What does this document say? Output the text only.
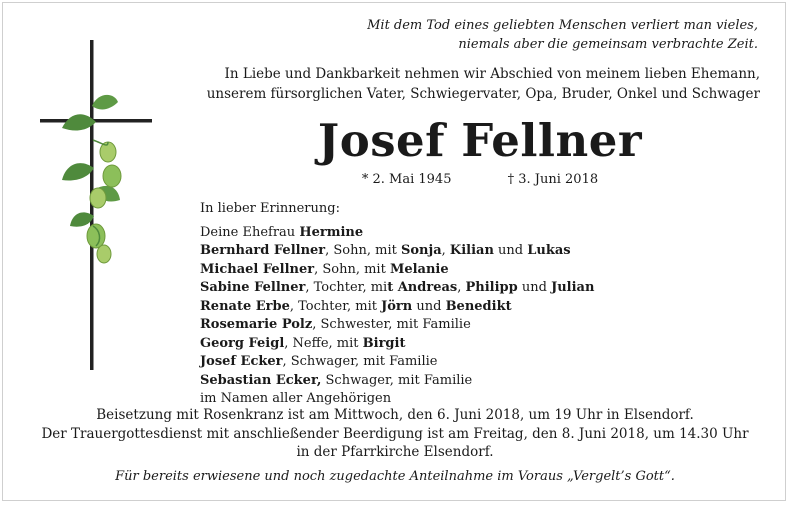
Mit dem Tod eines geliebten Menschen verliert man vieles,
niemals aber die gemeinsam verbrachte Zeit.
In Liebe und Dankbarkeit nehmen wir Abschied von meinem lieben Ehemann,
unserem fürsorglichen Vater, Schwiegervater, Opa, Bruder, Onkel und Schwager
Josef Fellner
* 2. Mai 1945	† 3. Juni 2018
In lieber Erinnerung:
Deine Ehefrau Hermine
Bernhard Fellner, Sohn, mit Sonja, Kilian und Lukas
Michael Fellner, Sohn, mit Melanie
Sabine Fellner, Tochter, mit Andreas, Philipp und Julian
Renate Erbe, Tochter, mit Jörn und Benedikt
Rosemarie Polz, Schwester, mit Familie
Georg Feigl, Neffe, mit Birgit
Josef Ecker, Schwager, mit Familie
Sebastian Ecker, Schwager, mit Familie
im Namen aller Angehörigen
Beisetzung mit Rosenkranz ist am Mittwoch, den 6. Juni 2018, um 19 Uhr in Elsendorf.
Der Trauergottesdienst mit anschließender Beerdigung ist am Freitag, den 8. Juni 2018, um 14.30 Uhr
in der Pfarrkirche Elsendorf.
Für bereits erwiesene und noch zugedachte Anteilnahme im Voraus „Vergelt’s Gott“.
